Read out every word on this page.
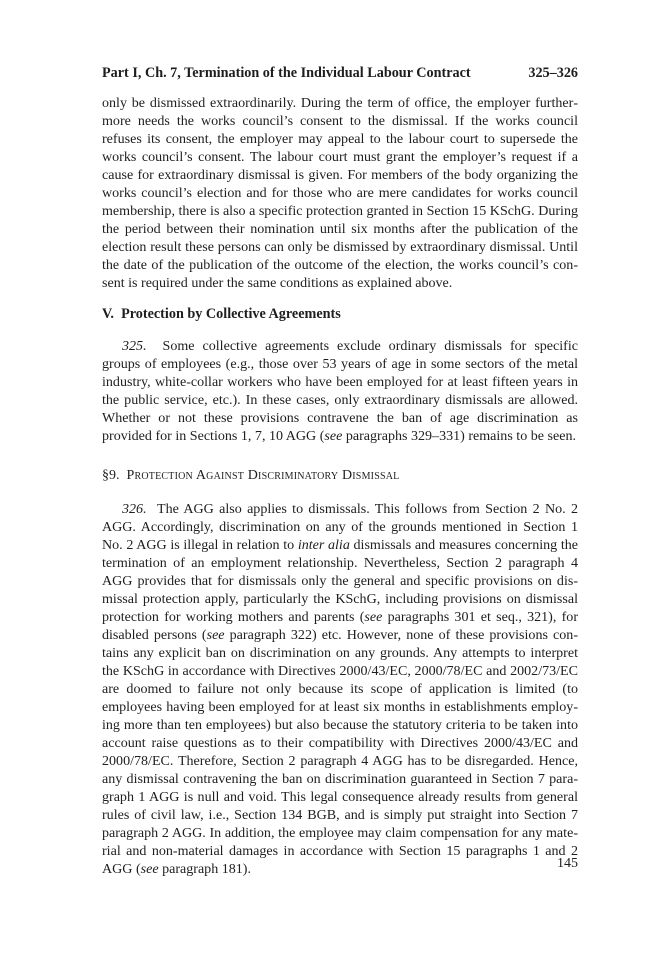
Part I, Ch. 7, Termination of the Individual Labour Contract	325–326

only be dismissed extraordinarily. During the term of office, the employer furthermore needs the works council’s consent to the dismissal. If the works council refuses its consent, the employer may appeal to the labour court to supersede the works council’s consent. The labour court must grant the employer’s request if a cause for extraordinary dismissal is given. For members of the body organizing the works council’s election and for those who are mere candidates for works council membership, there is also a specific protection granted in Section 15 KSchG. During the period between their nomination until six months after the publication of the election result these persons can only be dismissed by extraordinary dismissal. Until the date of the publication of the outcome of the election, the works council’s consent is required under the same conditions as explained above.

V. Protection by Collective Agreements

325. Some collective agreements exclude ordinary dismissals for specific groups of employees (e.g., those over 53 years of age in some sectors of the metal industry, white-collar workers who have been employed for at least fifteen years in the public service, etc.). In these cases, only extraordinary dismissals are allowed. Whether or not these provisions contravene the ban of age discrimination as provided for in Sections 1, 7, 10 AGG (see paragraphs 329–331) remains to be seen.

§9. Protection Against Discriminatory Dismissal

326. The AGG also applies to dismissals. This follows from Section 2 No. 2 AGG. Accordingly, discrimination on any of the grounds mentioned in Section 1 No. 2 AGG is illegal in relation to inter alia dismissals and measures concerning the termination of an employment relationship. Nevertheless, Section 2 paragraph 4 AGG provides that for dismissals only the general and specific provisions on dismissal protection apply, particularly the KSchG, including provisions on dismissal protection for working mothers and parents (see paragraphs 301 et seq., 321), for disabled persons (see paragraph 322) etc. However, none of these provisions contains any explicit ban on discrimination on any grounds. Any attempts to interpret the KSchG in accordance with Directives 2000/43/EC, 2000/78/EC and 2002/73/​EC are doomed to failure not only because its scope of application is limited (to employees having been employed for at least six months in establishments employing more than ten employees) but also because the statutory criteria to be taken into account raise questions as to their compatibility with Directives 2000/43/EC and 2000/78/EC. Therefore, Section 2 paragraph 4 AGG has to be disregarded. Hence, any dismissal contravening the ban on discrimination guaranteed in Section 7 paragraph 1 AGG is null and void. This legal consequence already results from general rules of civil law, i.e., Section 134 BGB, and is simply put straight into Section 7 paragraph 2 AGG. In addition, the employee may claim compensation for any material and non-material damages in accordance with Section 15 paragraphs 1 and 2 AGG (see paragraph 181).	145
